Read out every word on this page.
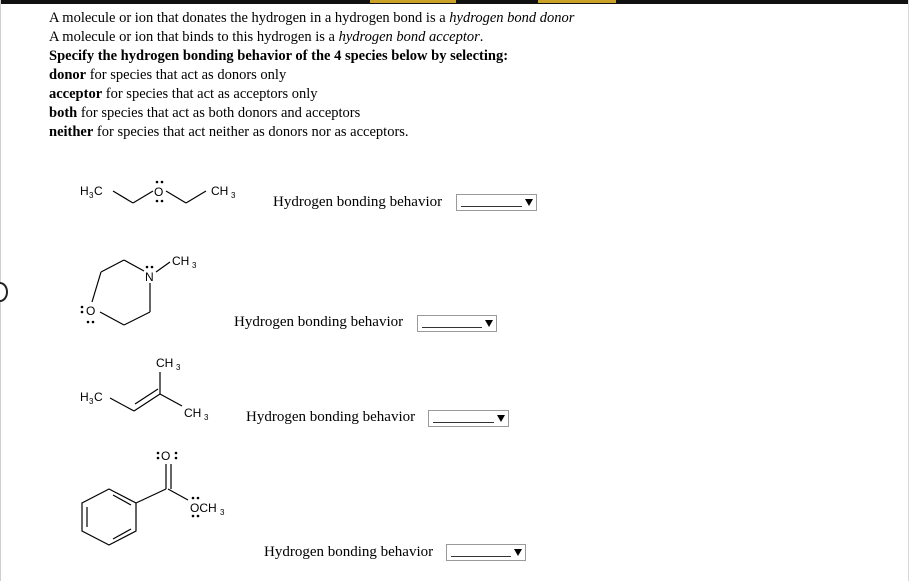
A molecule or ion that donates the hydrogen in a hydrogen bond is a hydrogen bond donor
A molecule or ion that binds to this hydrogen is a hydrogen bond acceptor.
Specify the hydrogen bonding behavior of the 4 species below by selecting:
donor for species that act as donors only
acceptor for species that act as acceptors only
both for species that act as both donors and acceptors
neither for species that act neither as donors nor as acceptors.
H 3 C	O	CH 3
N
CH 3
O
CH 3
H 3 C
CH 3
O
OCH 3
Hydrogen bonding behavior
Hydrogen bonding behavior
Hydrogen bonding behavior
Hydrogen bonding behavior
